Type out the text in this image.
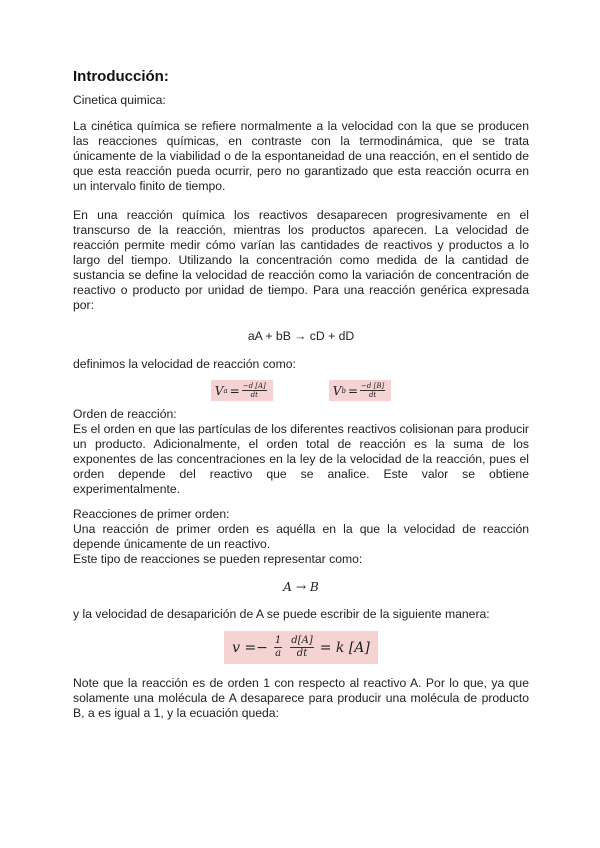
Introducción:

Cinetica quimica:

La cinética química se refiere normalmente a la velocidad con la que se producen las reacciones químicas, en contraste con la termodinámica, que se trata únicamente de la viabilidad o de la espontaneidad de una reacción, en el sentido de que esta reacción pueda ocurrir, pero no garantizado que esta reacción ocurra en un intervalo finito de tiempo.

En una reacción química los reactivos desaparecen progresivamente en el transcurso de la reacción, mientras los productos aparecen. La velocidad de reacción permite medir cómo varían las cantidades de reactivos y productos a lo largo del tiempo. Utilizando la concentración como medida de la cantidad de sustancia se define la velocidad de reacción como la variación de concentración de reactivo o producto por unidad de tiempo. Para una reacción genérica expresada por:

aA + bB → cD + dD

definimos la velocidad de reacción como:

V $a = \frac{-d [A]}{dt}$	V $b = \frac{-d [B]}{dt}$

Orden de reacción:

Es el orden en que las partículas de los diferentes reactivos colisionan para producir un producto. Adicionalmente, el orden total de reacción es la suma de los exponentes de las concentraciones en la ley de la velocidad de la reacción, pues el orden depende del reactivo que se analice. Este valor se obtiene experimentalmente.

Reacciones de primer orden:

Una reacción de primer orden es aquélla en la que la velocidad de reacción depende únicamente de un reactivo.

Este tipo de reacciones se pueden representar como:

A → B

y la velocidad de desaparición de A se puede escribir de la siguiente manera:

$v =- \frac{1}{a} \frac{d[A]}{dt} = k$ [A]

Note que la reacción es de orden 1 con respecto al reactivo A. Por lo que, ya que solamente una molécula de A desaparece para producir una molécula de producto B, a es igual a 1, y la ecuación queda:
